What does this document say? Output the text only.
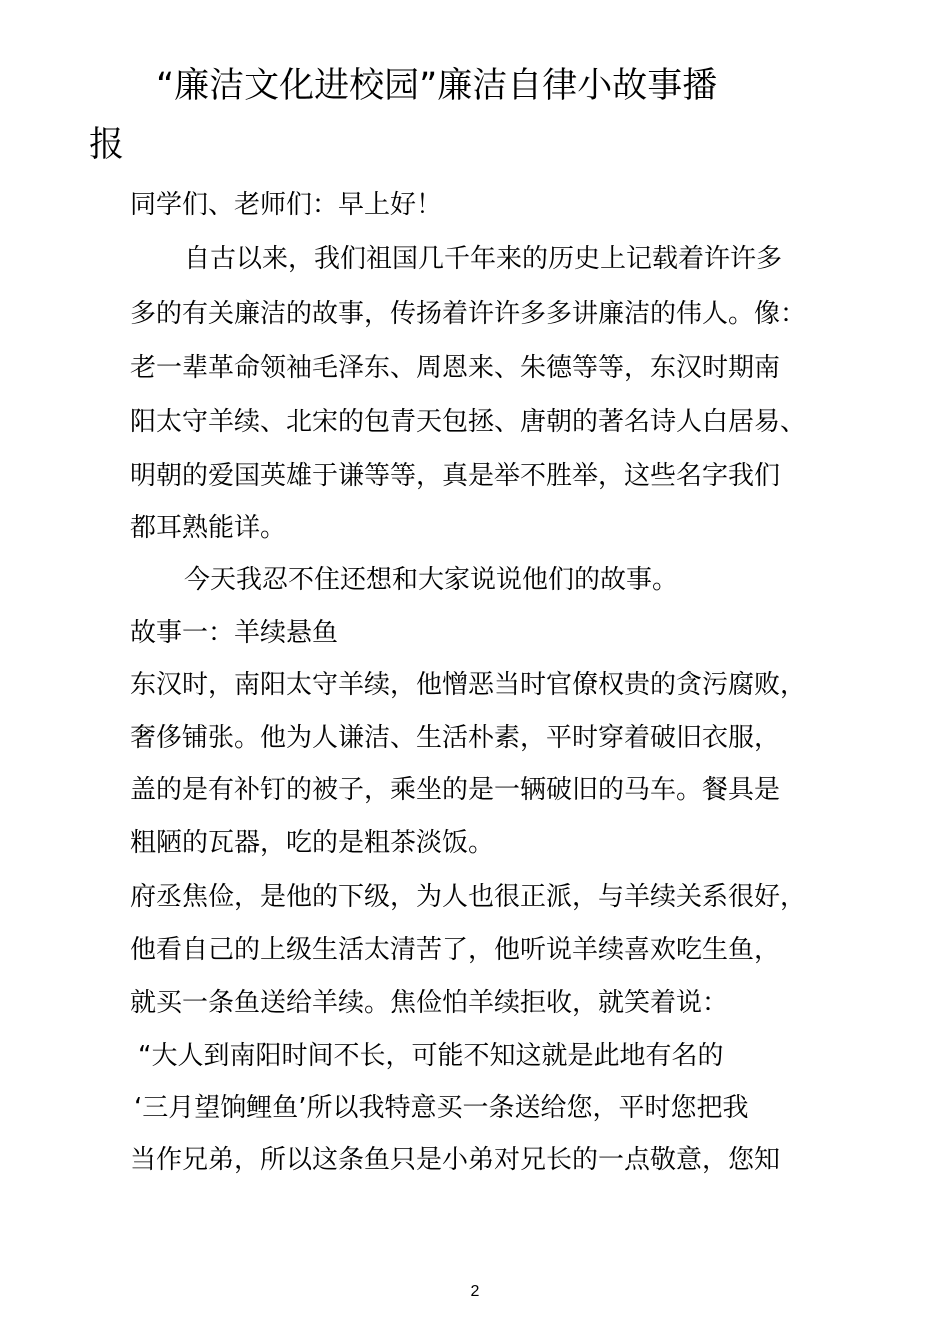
“廉洁文化进校园”廉洁自律小故事播
报
同学们、老师们：早上好！
自古以来，我们祖国几千年来的历史上记载着许许多
多的有关廉洁的故事，传扬着许许多多讲廉洁的伟人。像：
老一辈革命领袖毛泽东、周恩来、朱德等等，东汉时期南
阳太守羊续、北宋的包青天包拯、唐朝的著名诗人白居易、
明朝的爱国英雄于谦等等，真是举不胜举，这些名字我们
都耳熟能详。
今天我忍不住还想和大家说说他们的故事。
故事一：羊续悬鱼
东汉时，南阳太守羊续，他憎恶当时官僚权贵的贪污腐败，
奢侈铺张。他为人谦洁、生活朴素，平时穿着破旧衣服，
盖的是有补钉的被子，乘坐的是一辆破旧的马车。餐具是
粗陋的瓦器，吃的是粗茶淡饭。
府丞焦俭，是他的下级，为人也很正派，与羊续关系很好，
他看自己的上级生活太清苦了，他听说羊续喜欢吃生鱼，
就买一条鱼送给羊续。焦俭怕羊续拒收，就笑着说：
“大人到南阳时间不长，可能不知这就是此地有名的
‘三月望饷鲤鱼’所以我特意买一条送给您，平时您把我
当作兄弟，所以这条鱼只是小弟对兄长的一点敬意，您知
2
